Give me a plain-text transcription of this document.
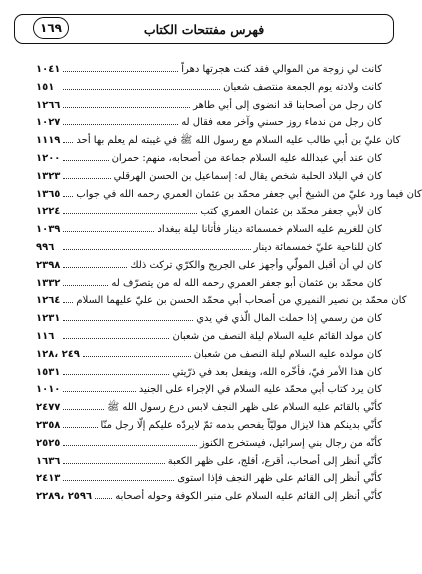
فهرس مفتتحات الكتاب
١٦٩
١٠٤١	كانت لي زوجة من الموالي فقد كنت هجرتها دهراً
١٥١	كانت ولادته يوم الجمعة منتصف شعبان
١٢٦٦	كان رجل من أصحابنا قد انضوى إلى أبي طاهر
١٠٢٧	كان رجل من ندماء روز حسني وآخر معه فقال له
١١١٩ كان عليّ بن أبي طالب عليه السلام مع رسول الله ﷺ في غيبته لم يعلم بها أحد
١٢٠٠	كان عند أبي عبدالله عليه السلام جماعة من أصحابه، منهم: حمران
١٣٢٣	كان في البلاد الحلبة شخص يقال له: إسماعيل بن الحسن الهرقلي
١٣٦٥ كان فيما ورد عليّ من الشيخ أبي جعفر محمّد بن عثمان العمري رحمه الله في جواب
١٢٢٤	كان لأبي جعفر محمّد بن عثمان العمري كتب
١٠٣٩	كان للغريم عليه السلام خمسمائة دينار فأتانا ليلة ببغداد
٩٩٦	كان للناحية عليّ خمسمائة دينار
٢٣٩٨	كان لي أن أقبل المولّي وأجهز على الجريح والكرّي تركت ذلك
١٣٣٢	كان محمّد بن عثمان أبو جعفر العمري رحمه الله له من يتصرّف له
١٢٦٤ كان محمّد بن نصير النميري من أصحاب أبي محمّد الحسن بن عليّ عليهما السلام
١٢٣١	كان من رسمي إذا حملت المال الّذي في يدي
١١٦	كان مولد القائم عليه السلام ليلة النصف من شعبان
٢٤٩ ،١٢٨	كان مولده عليه السلام ليلة النصف من شعبان
١٥٣١	كان هذا الأمر فيّ، فأخّره الله، ويفعل بعد في ذرّيتي
١٠١٠	كان يرد كتاب أبي محمّد عليه السلام في الإجراء على الجنيد
٢٤٧٧	كأنّي بالقائم عليه السلام على ظهر النجف لابس درع رسول الله ﷺ
٢٣٥٨	كأنّي بدينكم هذا لايزال موليّاً يفحص بدمه ثمّ لايردّه عليكم إلّا رجل منّا
٢٥٢٥	كأنّه من رجال بني إسرائيل، فيستخرج الكنوز
١٦٣٦	كأنّي أنظر إلى أصحاب، أقرع، أفلج، على ظهر الكعبة
٢٤١٣	كأنّي أنظر إلى القائم على ظهر النجف فإذا استوى
٢٥٩٦ ،٢٢٨٩ كأنّي أنظر إلى القائم عليه السلام على منبر الكوفة وحوله أصحابه
